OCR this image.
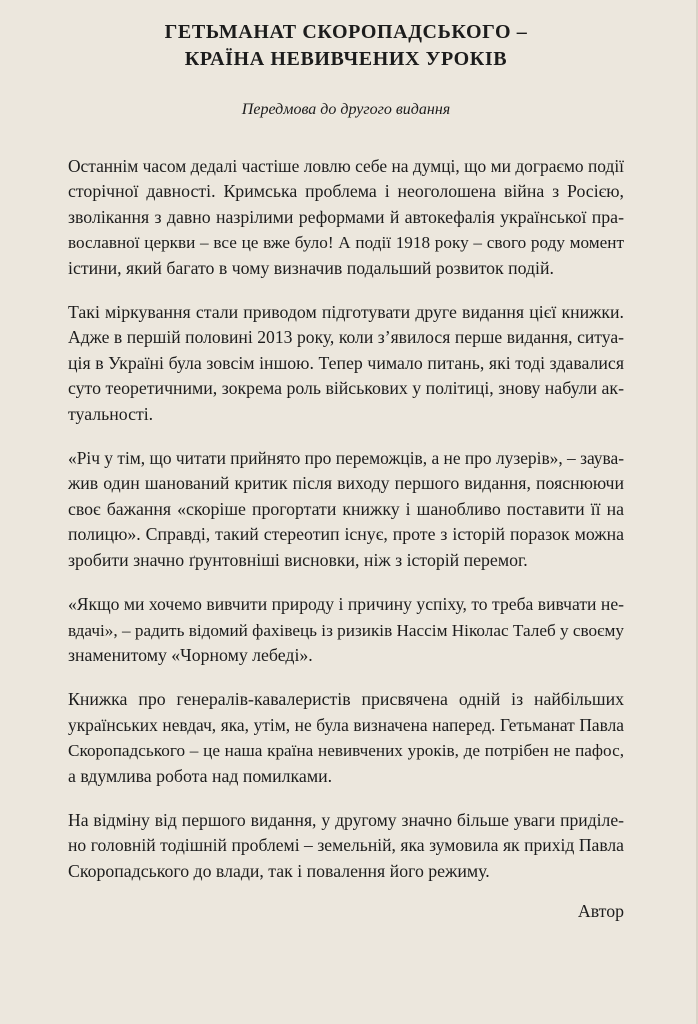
ГЕТЬМАНАТ СКОРОПАДСЬКОГО –
КРАЇНА НЕВИВЧЕНИХ УРОКІВ
Передмова до другого видання

Останнім часом дедалі частіше ловлю себе на думці, що ми дограємо події
сторічної давності. Кримська проблема і неоголошена війна з Росією,
зволікання з давно назрілими реформами й автокефалія української пра-
вославної церкви – все це вже було! А події 1918 року – свого роду момент
істини, який багато в чому визначив подальший розвиток подій.

Такі міркування стали приводом підготувати друге видання цієї книжки.
Адже в першій половині 2013 року, коли з’явилося перше видання, ситуа-
ція в Україні була зовсім іншою. Тепер чимало питань, які тоді здавалися
суто теоретичними, зокрема роль військових у політиці, знову набули ак-
туальності.

«Річ у тім, що читати прийнято про переможців, а не про лузерів», – заува-
жив один шанований критик після виходу першого видання, пояснюючи
своє бажання «скоріше прогортати книжку і шанобливо поставити її на
полицю». Справді, такий стереотип існує, проте з історій поразок можна
зробити значно ґрунтовніші висновки, ніж з історій перемог.

«Якщо ми хочемо вивчити природу і причину успіху, то треба вивчати не-
вдачі», – радить відомий фахівець із ризиків Нассім Ніколас Талеб у своєму
знаменитому «Чорному лебеді».

Книжка про генералів-кавалеристів присвячена одній із найбільших
українських невдач, яка, утім, не була визначена наперед. Гетьманат Павла
Скоропадського – це наша країна невивчених уроків, де потрібен не пафос,
а вдумлива робота над помилками.

На відміну від першого видання, у другому значно більше уваги приділе-
но головній тодішній проблемі – земельній, яка зумовила як прихід Павла
Скоропадського до влади, так і повалення його режиму.

Автор
